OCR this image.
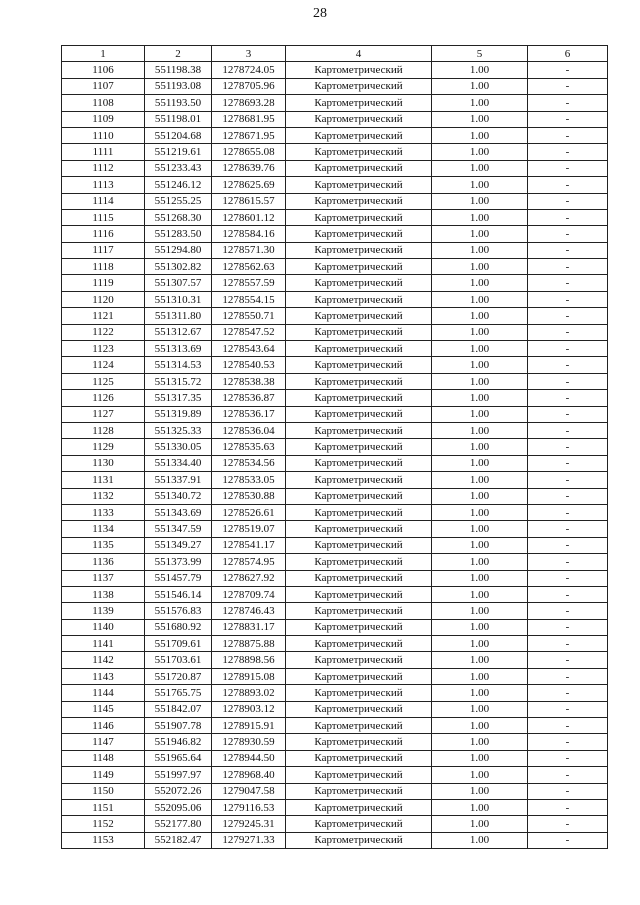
28
1	2	3	4	5	6
1106	551198.38	1278724.05	Картометрический	1.00	-
1107	551193.08	1278705.96	Картометрический	1.00	-
1108	551193.50	1278693.28	Картометрический	1.00	-
1109	551198.01	1278681.95	Картометрический	1.00	-
1110	551204.68	1278671.95	Картометрический	1.00	-
1111	551219.61	1278655.08	Картометрический	1.00	-
1112	551233.43	1278639.76	Картометрический	1.00	-
1113	551246.12	1278625.69	Картометрический	1.00	-
1114	551255.25	1278615.57	Картометрический	1.00	-
1115	551268.30	1278601.12	Картометрический	1.00	-
1116	551283.50	1278584.16	Картометрический	1.00	-
1117	551294.80	1278571.30	Картометрический	1.00	-
1118	551302.82	1278562.63	Картометрический	1.00	-
1119	551307.57	1278557.59	Картометрический	1.00	-
1120	551310.31	1278554.15	Картометрический	1.00	-
1121	551311.80	1278550.71	Картометрический	1.00	-
1122	551312.67	1278547.52	Картометрический	1.00	-
1123	551313.69	1278543.64	Картометрический	1.00	-
1124	551314.53	1278540.53	Картометрический	1.00	-
1125	551315.72	1278538.38	Картометрический	1.00	-
1126	551317.35	1278536.87	Картометрический	1.00	-
1127	551319.89	1278536.17	Картометрический	1.00	-
1128	551325.33	1278536.04	Картометрический	1.00	-
1129	551330.05	1278535.63	Картометрический	1.00	-
1130	551334.40	1278534.56	Картометрический	1.00	-
1131	551337.91	1278533.05	Картометрический	1.00	-
1132	551340.72	1278530.88	Картометрический	1.00	-
1133	551343.69	1278526.61	Картометрический	1.00	-
1134	551347.59	1278519.07	Картометрический	1.00	-
1135	551349.27	1278541.17	Картометрический	1.00	-
1136	551373.99	1278574.95	Картометрический	1.00	-
1137	551457.79	1278627.92	Картометрический	1.00	-
1138	551546.14	1278709.74	Картометрический	1.00	-
1139	551576.83	1278746.43	Картометрический	1.00	-
1140	551680.92	1278831.17	Картометрический	1.00	-
1141	551709.61	1278875.88	Картометрический	1.00	-
1142	551703.61	1278898.56	Картометрический	1.00	-
1143	551720.87	1278915.08	Картометрический	1.00	-
1144	551765.75	1278893.02	Картометрический	1.00	-
1145	551842.07	1278903.12	Картометрический	1.00	-
1146	551907.78	1278915.91	Картометрический	1.00	-
1147	551946.82	1278930.59	Картометрический	1.00	-
1148	551965.64	1278944.50	Картометрический	1.00	-
1149	551997.97	1278968.40	Картометрический	1.00	-
1150	552072.26	1279047.58	Картометрический	1.00	-
1151	552095.06	1279116.53	Картометрический	1.00	-
1152	552177.80	1279245.31	Картометрический	1.00	-
1153	552182.47	1279271.33	Картометрический	1.00	-
